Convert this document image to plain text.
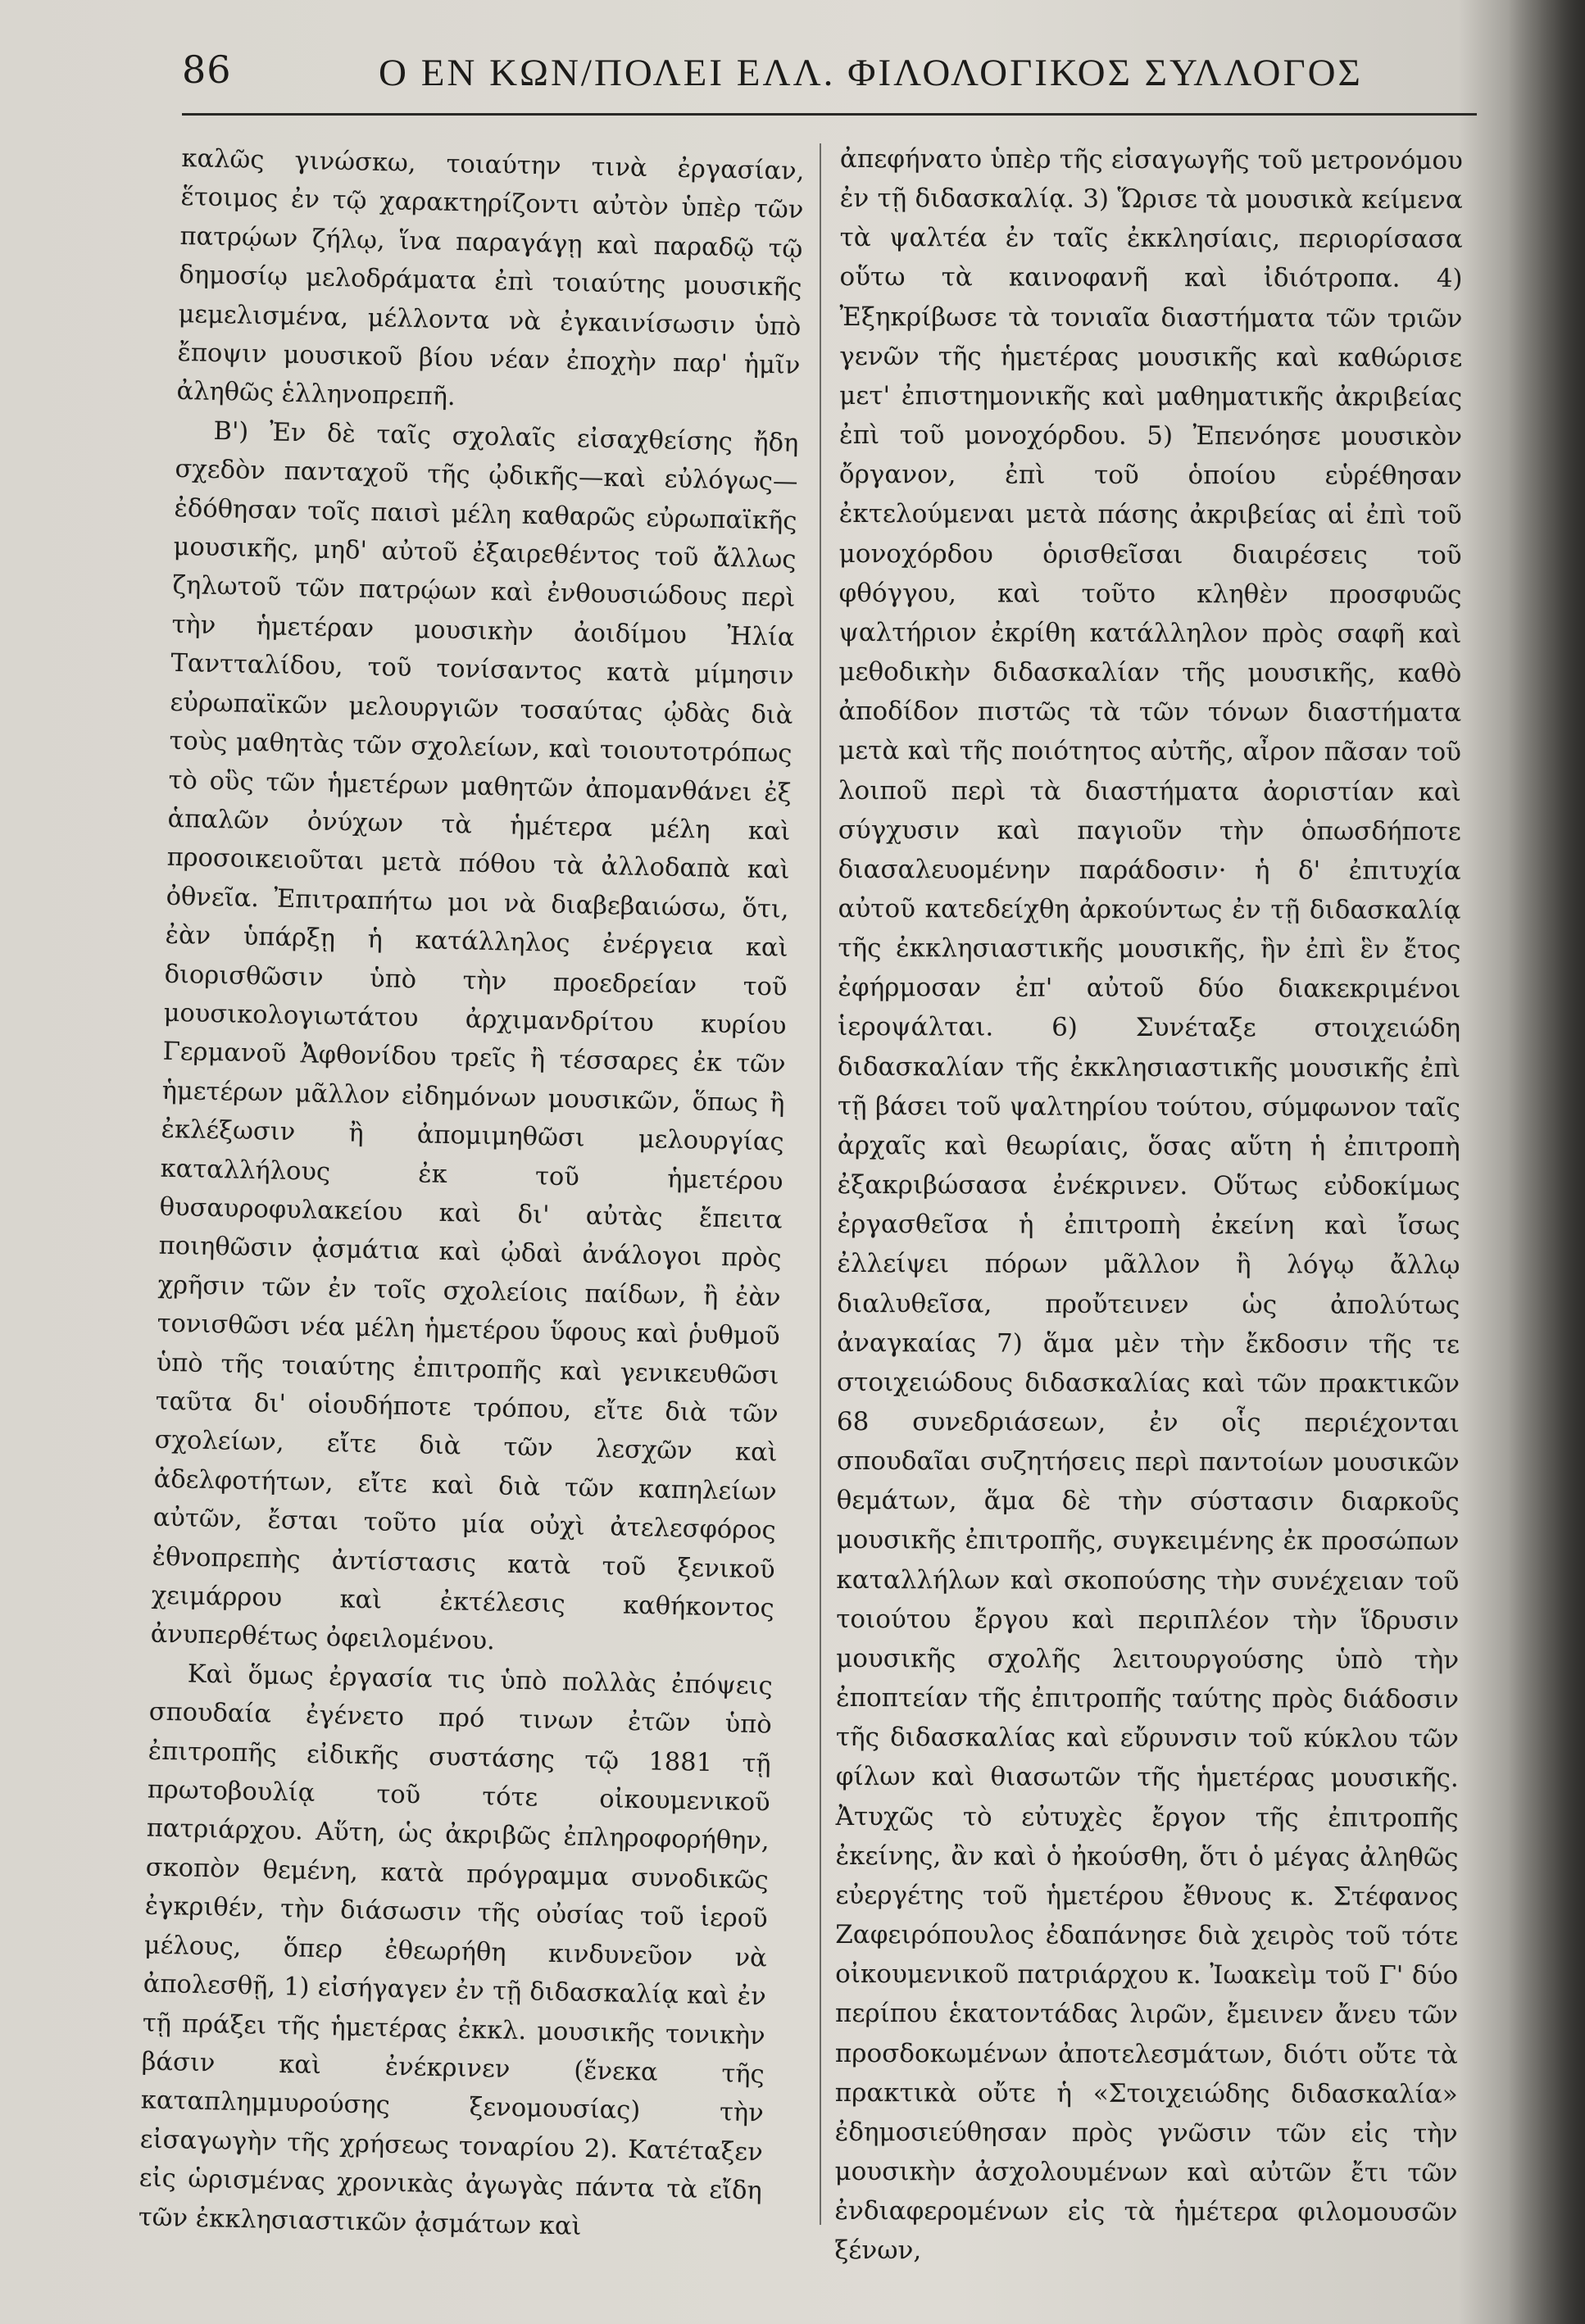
86	Ο ΕΝ ΚΩΝ/ΠΟΛΕΙ ΕΛΛ. ΦΙΛΟΛΟΓΙΚΟΣ ΣΥΛΛΟΓΟΣ

καλῶς γινώσκω, τοιαύτην τινὰ ἐργασίαν, ἕτοιμος ἐν τῷ χαρακτηρίζοντι αὐτὸν ὑπὲρ τῶν πατρῴων ζήλῳ, ἵνα παραγάγῃ καὶ παραδῷ τῷ δημοσίῳ μελοδράματα ἐπὶ τοιαύτης μουσικῆς μεμελισμένα, μέλλοντα νὰ ἐγκαινίσωσιν ὑπὸ ἔποψιν μουσικοῦ βίου νέαν ἐποχὴν παρ' ἡμῖν ἀληθῶς ἑλληνοπρεπῆ.

Β') Ἐν δὲ ταῖς σχολαῖς εἰσαχθείσης ἤδη σχεδὸν πανταχοῦ τῆς ᾠδικῆς—καὶ εὐλόγως— ἐδόθησαν τοῖς παισὶ μέλη καθαρῶς εὐρωπαϊκῆς μουσικῆς, μηδ' αὐτοῦ ἐξαιρεθέντος τοῦ ἄλλως ζηλωτοῦ τῶν πατρῴων καὶ ἐνθουσιώδους περὶ τὴν ἡμετέραν μουσικὴν ἀοιδίμου Ἠλία Ταντταλίδου, τοῦ τονίσαντος κατὰ μίμησιν εὐρωπαϊκῶν μελουργιῶν τοσαύτας ᾠδὰς διὰ τοὺς μαθητὰς τῶν σχολείων, καὶ τοιουτοτρόπως τὸ οὓς τῶν ἡμετέρων μαθητῶν ἀπομανθάνει ἐξ ἁπαλῶν ὀνύχων τὰ ἡμέτερα μέλη καὶ προσοικειοῦται μετὰ πόθου τὰ ἀλλοδαπὰ καὶ ὀθνεῖα. Ἐπιτραπήτω μοι νὰ διαβεβαιώσω, ὅτι, ἐὰν ὑπάρξῃ ἡ κατάλληλος ἐνέργεια καὶ διορισθῶσιν ὑπὸ τὴν προεδρείαν τοῦ μουσικολογιωτάτου ἀρχιμανδρίτου κυρίου Γερμανοῦ Ἀφθονίδου τρεῖς ἢ τέσσαρες ἐκ τῶν ἡμετέρων μᾶλλον εἰδημόνων μουσικῶν, ὅπως ἢ ἐκλέξωσιν ἢ ἀπομιμηθῶσι μελουργίας καταλλήλους ἐκ τοῦ ἡμετέρου θυσαυροφυλακείου καὶ δι' αὐτὰς ἔπειτα ποιηθῶσιν ᾀσμάτια καὶ ᾠδαὶ ἀνάλογοι πρὸς χρῆσιν τῶν ἐν τοῖς σχολείοις παίδων, ἢ ἐὰν τονισθῶσι νέα μέλη ἡμετέρου ὕφους καὶ ῥυθμοῦ ὑπὸ τῆς τοιαύτης ἐπιτροπῆς καὶ γενικευθῶσι ταῦτα δι' οἱουδήποτε τρόπου, εἴτε διὰ τῶν σχολείων, εἴτε διὰ τῶν λεσχῶν καὶ ἀδελφοτήτων, εἴτε καὶ διὰ τῶν καπηλείων αὐτῶν, ἔσται τοῦτο μία οὐχὶ ἀτελεσφόρος ἐθνοπρεπὴς ἀντίστασις κατὰ τοῦ ξενικοῦ χειμάρρου καὶ ἐκτέλεσις καθήκοντος ἀνυπερθέτως ὀφειλομένου.

Καὶ ὅμως ἐργασία τις ὑπὸ πολλὰς ἐπόψεις σπουδαία ἐγένετο πρό τινων ἐτῶν ὑπὸ ἐπιτροπῆς εἰδικῆς συστάσης τῷ 1881 τῇ πρωτοβουλίᾳ τοῦ τότε οἰκουμενικοῦ πατριάρχου. Αὕτη, ὡς ἀκριβῶς ἐπληροφορήθην, σκοπὸν θεμένη, κατὰ πρόγραμμα συνοδικῶς ἐγκριθέν, τὴν διάσωσιν τῆς οὐσίας τοῦ ἱεροῦ μέλους, ὅπερ ἐθεωρήθη κινδυνεῦον νὰ ἀπολεσθῇ, 1) εἰσήγαγεν ἐν τῇ διδασκαλίᾳ καὶ ἐν τῇ πράξει τῆς ἡμετέρας ἐκκλ. μουσικῆς τονικὴν βάσιν καὶ ἐνέκρινεν (ἕνεκα τῆς καταπλημμυρούσης ξενομουσίας) τὴν εἰσαγωγὴν τῆς χρήσεως τοναρίου 2). Κατέταξεν εἰς ὡρισμένας χρονικὰς ἀγωγὰς πάντα τὰ εἴδη τῶν ἐκκλησιαστικῶν ᾀσμάτων καὶ

ἀπεφήνατο ὑπὲρ τῆς εἰσαγωγῆς τοῦ μετρονόμου ἐν τῇ διδασκαλίᾳ. 3) Ὥρισε τὰ μουσικὰ κείμενα τὰ ψαλτέα ἐν ταῖς ἐκκλησίαις, περιορίσασα οὕτω τὰ καινοφανῆ καὶ ἰδιότροπα. 4) Ἐξηκρίβωσε τὰ τονιαῖα διαστήματα τῶν τριῶν γενῶν τῆς ἡμετέρας μουσικῆς καὶ καθώρισε μετ' ἐπιστημονικῆς καὶ μαθηματικῆς ἀκριβείας ἐπὶ τοῦ μονοχόρδου. 5) Ἐπενόησε μουσικὸν ὄργανον, ἐπὶ τοῦ ὁποίου εὑρέθησαν ἐκτελούμεναι μετὰ πάσης ἀκριβείας αἱ ἐπὶ τοῦ μονοχόρδου ὁρισθεῖσαι διαιρέσεις τοῦ φθόγγου, καὶ τοῦτο κληθὲν προσφυῶς ψαλτήριον ἐκρίθη κατάλληλον πρὸς σαφῆ καὶ μεθοδικὴν διδασκαλίαν τῆς μουσικῆς, καθὸ ἀποδίδον πιστῶς τὰ τῶν τόνων διαστήματα μετὰ καὶ τῆς ποιότητος αὐτῆς, αἶρον πᾶσαν τοῦ λοιποῦ περὶ τὰ διαστήματα ἀοριστίαν καὶ σύγχυσιν καὶ παγιοῦν τὴν ὁπωσδήποτε διασαλευομένην παράδοσιν· ἡ δ' ἐπιτυχία αὐτοῦ κατεδείχθη ἀρκούντως ἐν τῇ διδασκαλίᾳ τῆς ἐκκλησιαστικῆς μουσικῆς, ἣν ἐπὶ ἓν ἔτος ἐφήρμοσαν ἐπ' αὐτοῦ δύο διακεκριμένοι ἱεροψάλται. 6) Συνέταξε στοιχειώδη διδασκαλίαν τῆς ἐκκλησιαστικῆς μουσικῆς ἐπὶ τῇ βάσει τοῦ ψαλτηρίου τούτου, σύμφωνον ταῖς ἀρχαῖς καὶ θεωρίαις, ὅσας αὕτη ἡ ἐπιτροπὴ ἐξακριβώσασα ἐνέκρινεν. Οὕτως εὐδοκίμως ἐργασθεῖσα ἡ ἐπιτροπὴ ἐκείνη καὶ ἴσως ἐλλείψει πόρων μᾶλλον ἢ λόγῳ ἄλλῳ διαλυθεῖσα, προὔτεινεν ὡς ἀπολύτως ἀναγκαίας 7) ἅμα μὲν τὴν ἔκδοσιν τῆς τε στοιχειώδους διδασκαλίας καὶ τῶν πρακτικῶν 68 συνεδριάσεων, ἐν οἷς περιέχονται σπουδαῖαι συζητήσεις περὶ παντοίων μουσικῶν θεμάτων, ἅμα δὲ τὴν σύστασιν διαρκοῦς μουσικῆς ἐπιτροπῆς, συγκειμένης ἐκ προσώπων καταλλήλων καὶ σκοπούσης τὴν συνέχειαν τοῦ τοιούτου ἔργου καὶ περιπλέον τὴν ἵδρυσιν μουσικῆς σχολῆς λειτουργούσης ὑπὸ τὴν ἐποπτείαν τῆς ἐπιτροπῆς ταύτης πρὸς διάδοσιν τῆς διδασκαλίας καὶ εὔρυνσιν τοῦ κύκλου τῶν φίλων καὶ θιασωτῶν τῆς ἡμετέρας μουσικῆς. Ἀτυχῶς τὸ εὐτυχὲς ἔργον τῆς ἐπιτροπῆς ἐκείνης, ἂν καὶ ὁ ἠκούσθη, ὅτι ὁ μέγας ἀληθῶς εὐεργέτης τοῦ ἡμετέρου ἔθνους κ. Στέφανος Ζαφειρόπουλος ἐδαπάνησε διὰ χειρὸς τοῦ τότε οἰκουμενικοῦ πατριάρχου κ. Ἰωακεὶμ τοῦ Γ' δύο περίπου ἑκατοντάδας λιρῶν, ἔμεινεν ἄνευ τῶν προσδοκωμένων ἀποτελεσμάτων, διότι οὔτε τὰ πρακτικὰ οὔτε ἡ «Στοιχειώδης διδασκαλία» ἐδημοσιεύθησαν πρὸς γνῶσιν τῶν εἰς τὴν μουσικὴν ἀσχολουμένων καὶ αὐτῶν ἔτι τῶν ἐνδιαφερομένων εἰς τὰ ἡμέτερα φιλομουσῶν ξένων,
